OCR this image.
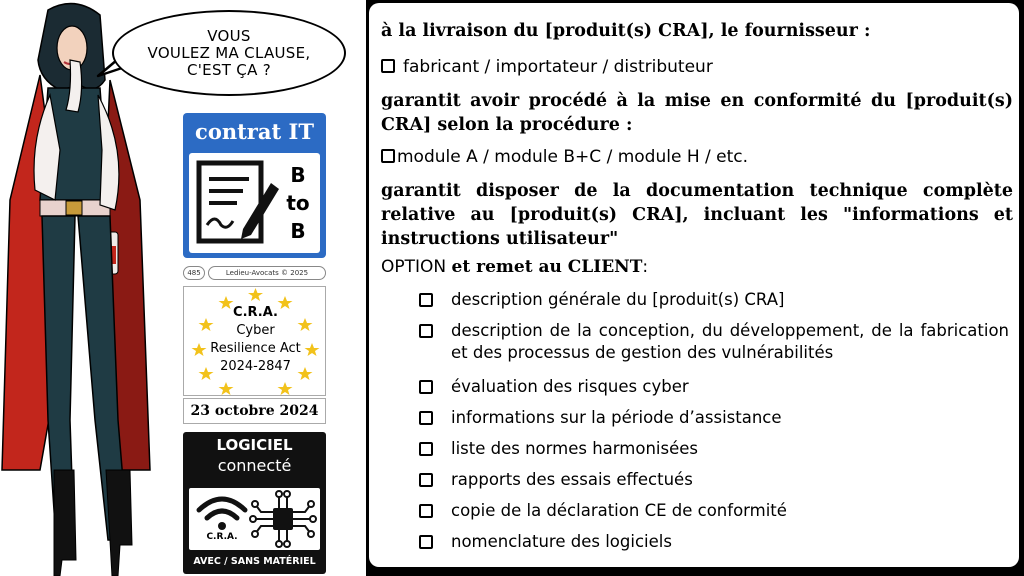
VOUS
VOULEZ MA CLAUSE,
C'EST ÇA ?
contrat IT
B
to
B
485	Ledieu-Avocats © 2025
C.R.A.
Cyber
Resilience Act
2024-2847
23 octobre 2024
LOGICIEL
connecté
C.R.A.
AVEC / SANS MATÉRIEL
à la livraison du [produit(s) CRA], le fournisseur :
fabricant / importateur / distributeur
garantit avoir procédé à la mise en conformité du [produit(s) CRA] selon la procédure :
module A / module B+C / module H / etc.
garantit disposer de la documentation technique complète relative au [produit(s) CRA], incluant les "informations et instructions utilisateur"
OPTION et remet au CLIENT:
description générale du [produit(s) CRA]
description de la conception, du développement, de la fabrication et des processus de gestion des vulnérabilités
évaluation des risques cyber
informations sur la période d’assistance
liste des normes harmonisées
rapports des essais effectués
copie de la déclaration CE de conformité
nomenclature des logiciels
